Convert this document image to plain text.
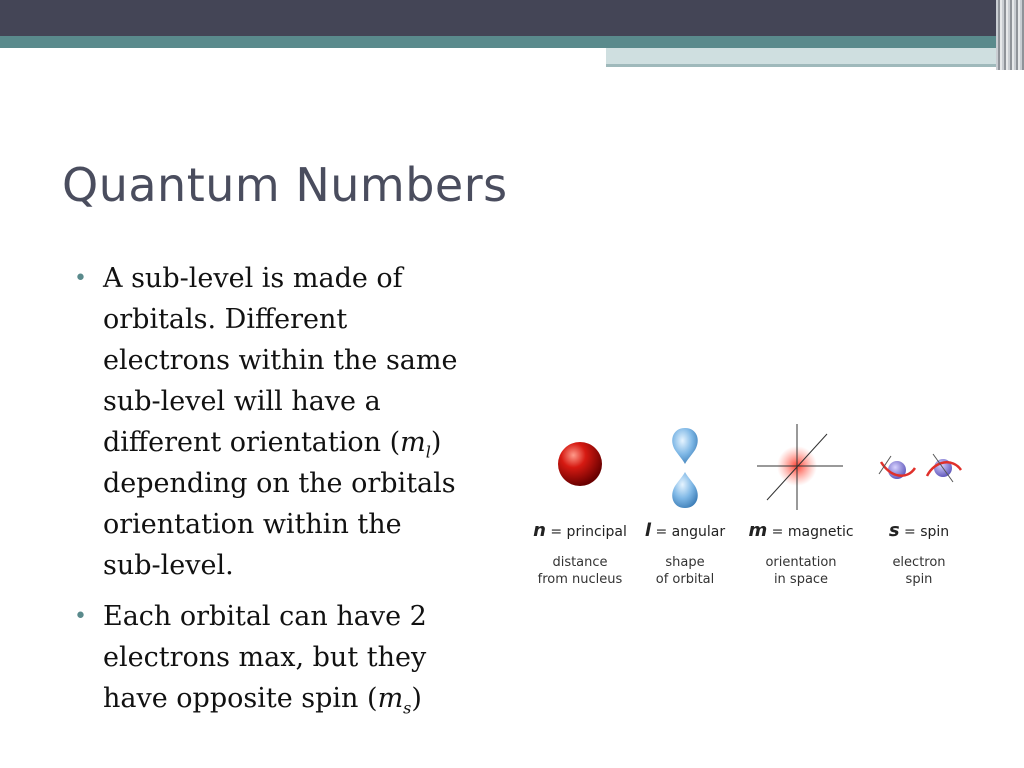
Quantum Numbers
• A sub-level is made of
orbitals. Different
electrons within the same
sub-level will have a
different orientation $(m_l)$
depending on the orbitals
orientation within the
sub-level.
• Each orbital can have 2
electrons max, but they
have opposite spin $(m_s)$
n = principal l = angular	m = magnetic	s = spin
distance
from nucleus
shape
of orbital
orientation
in space
electron
spin
